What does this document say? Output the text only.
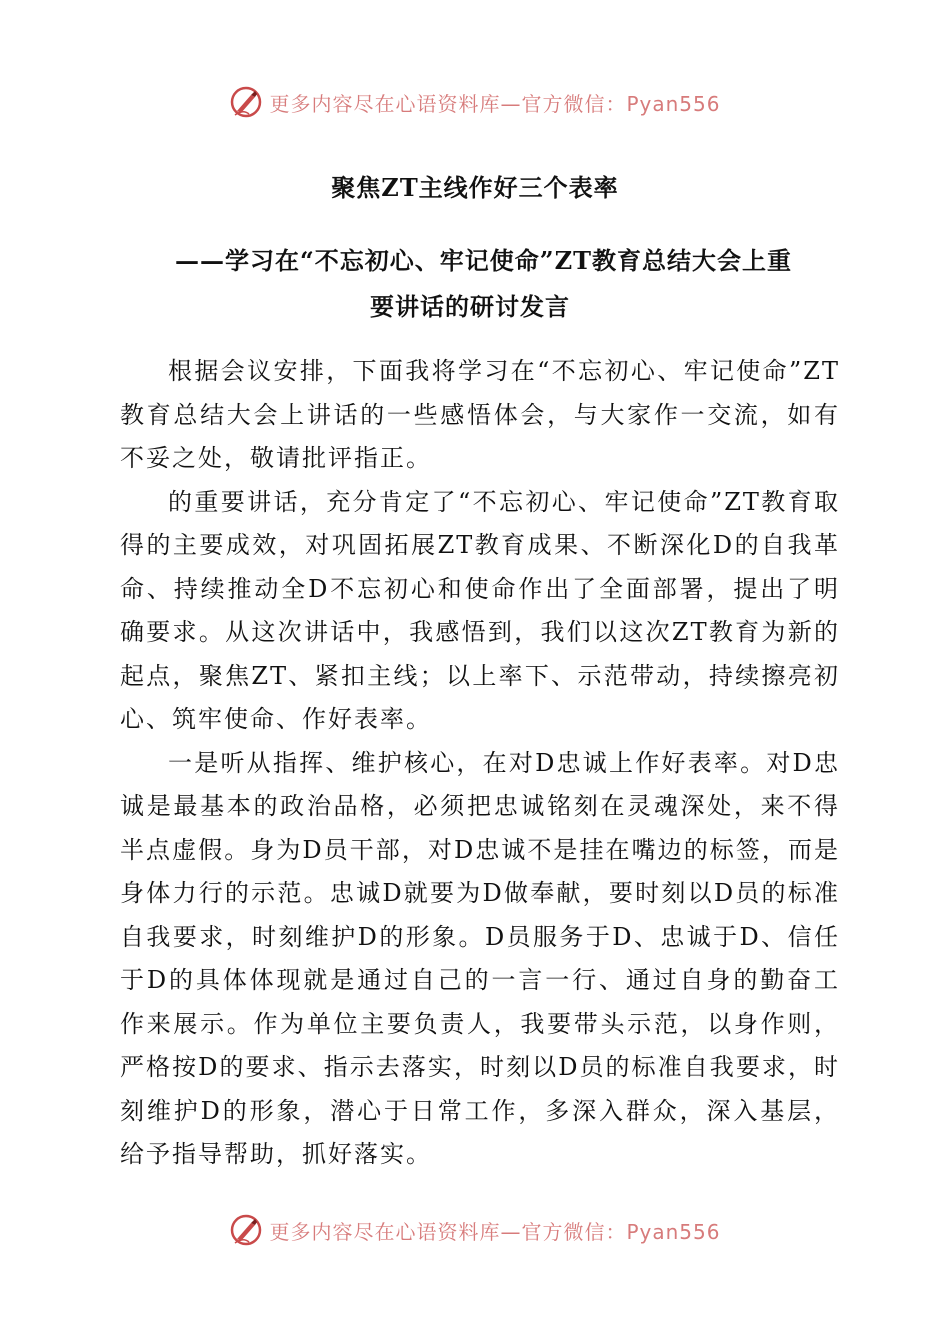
更多内容尽在心语资料库—官方微信：Pyan556
聚焦ZT主线作好三个表率
——学习在“不忘初心、牢记使命”ZT教育总结大会上重
要讲话的研讨发言

根据会议安排，下面我将学习在“不忘初心、牢记使命”ZT教育总结大会上讲话的一些感悟体会，与大家作一交流，如有不妥之处，敬请批评指正。

的重要讲话，充分肯定了“不忘初心、牢记使命”ZT教育取得的主要成效，对巩固拓展ZT教育成果、不断深化D的自我革命、持续推动全D不忘初心和使命作出了全面部署，提出了明确要求。从这次讲话中，我感悟到，我们以这次ZT教育为新的起点，聚焦ZT、紧扣主线；以上率下、示范带动，持续擦亮初心、筑牢使命、作好表率。

一是听从指挥、维护核心，在对D忠诚上作好表率。对D忠诚是最基本的政治品格，必须把忠诚铭刻在灵魂深处，来不得半点虚假。身为D员干部，对D忠诚不是挂在嘴边的标签，而是身体力行的示范。忠诚D就要为D做奉献，要时刻以D员的标准自我要求，时刻维护D的形象。D员服务于D、忠诚于D、信任于D的具体体现就是通过自己的一言一行、通过自身的勤奋工作来展示。作为单位主要负责人，我要带头示范，以身作则，严格按D的要求、指示去落实，时刻以D员的标准自我要求，时刻维护D的形象，潜心于日常工作，多深入群众，深入基层，给予指导帮助，抓好落实。

更多内容尽在心语资料库—官方微信：Pyan556
